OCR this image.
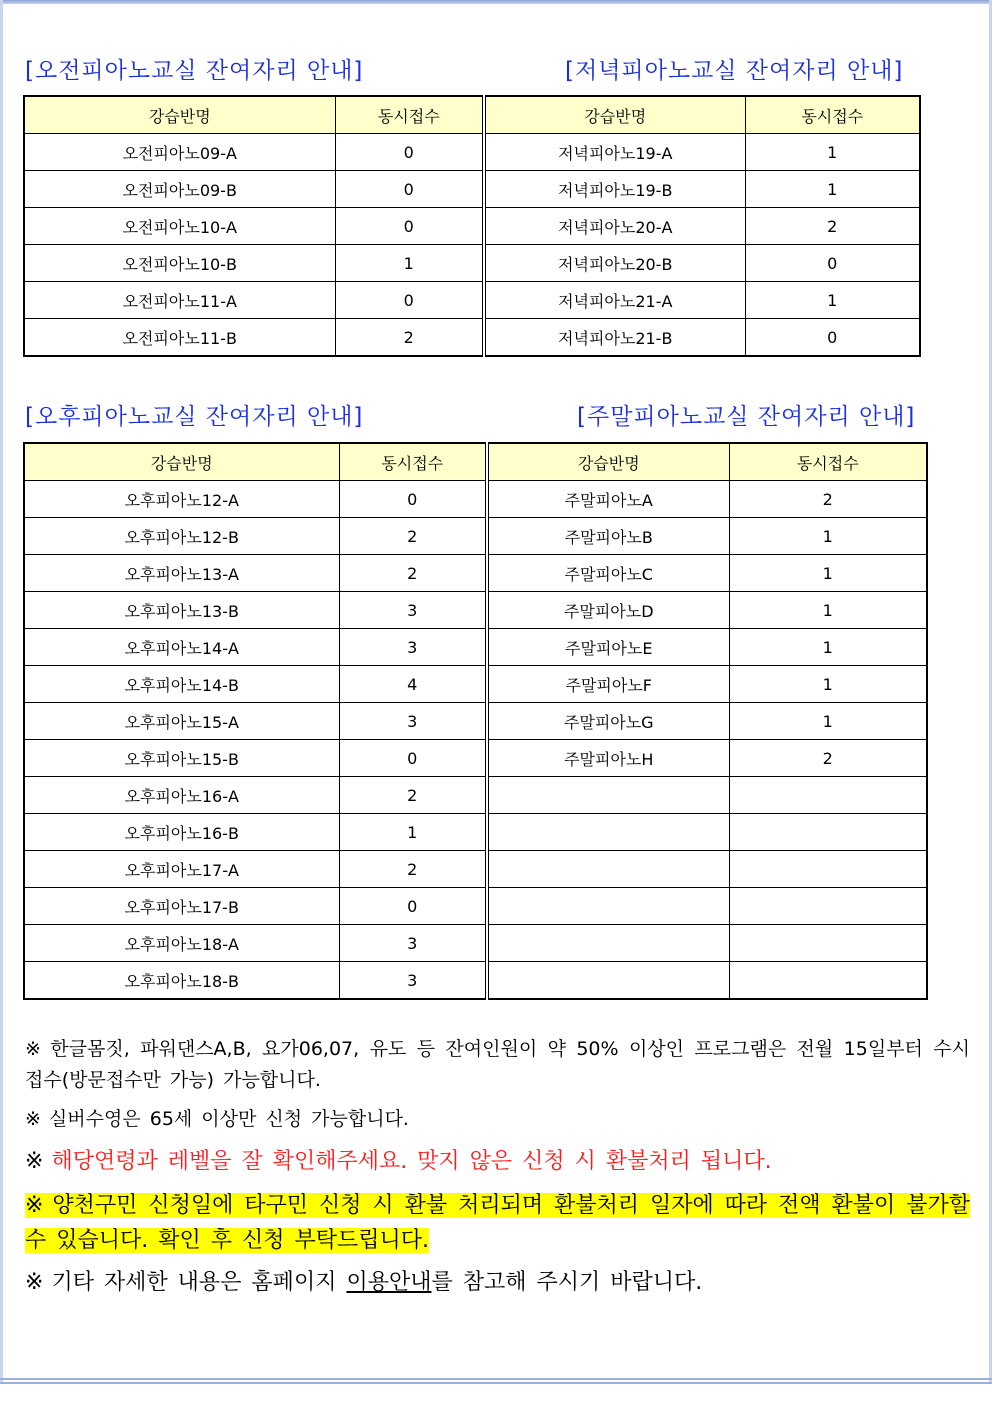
[오전피아노교실 잔여자리 안내]	[저녁피아노교실 잔여자리 안내]
강습반명	동시접수	강습반명	동시접수
오전피아노09-A	0	저녁피아노19-A	1
오전피아노09-B	0	저녁피아노19-B	1
오전피아노10-A	0	저녁피아노20-A	2
오전피아노10-B	1	저녁피아노20-B	0
오전피아노11-A	0	저녁피아노21-A	1
오전피아노11-B	2	저녁피아노21-B	0
[오후피아노교실 잔여자리 안내]	[주말피아노교실 잔여자리 안내]
강습반명	동시접수	강습반명	동시접수
오후피아노12-A	0	주말피아노A	2
오후피아노12-B	2	주말피아노B	1
오후피아노13-A	2	주말피아노C	1
오후피아노13-B	3	주말피아노D	1
오후피아노14-A	3	주말피아노E	1
오후피아노14-B	4	주말피아노F	1
오후피아노15-A	3	주말피아노G	1
오후피아노15-B	0	주말피아노H	2
오후피아노16-A	2		
오후피아노16-B	1		
오후피아노17-A	2		
오후피아노17-B	0		
오후피아노18-A	3		
오후피아노18-B	3		

※ 한글몸짓, 파워댄스A,B, 요가06,07, 유도 등 잔여인원이 약 50% 이상인 프로그램은 전월 15일부터 수시접수(방문접수만 가능) 가능합니다.

※ 실버수영은 65세 이상만 신청 가능합니다.

※ 해당연령과 레벨을 잘 확인해주세요. 맞지 않은 신청 시 환불처리 됩니다.

※ 양천구민 신청일에 타구민 신청 시 환불 처리되며 환불처리 일자에 따라 전액 환불이 불가할 수 있습니다. 확인 후 신청 부탁드립니다.

※ 기타 자세한 내용은 홈페이지 이용안내를 참고해 주시기 바랍니다.
